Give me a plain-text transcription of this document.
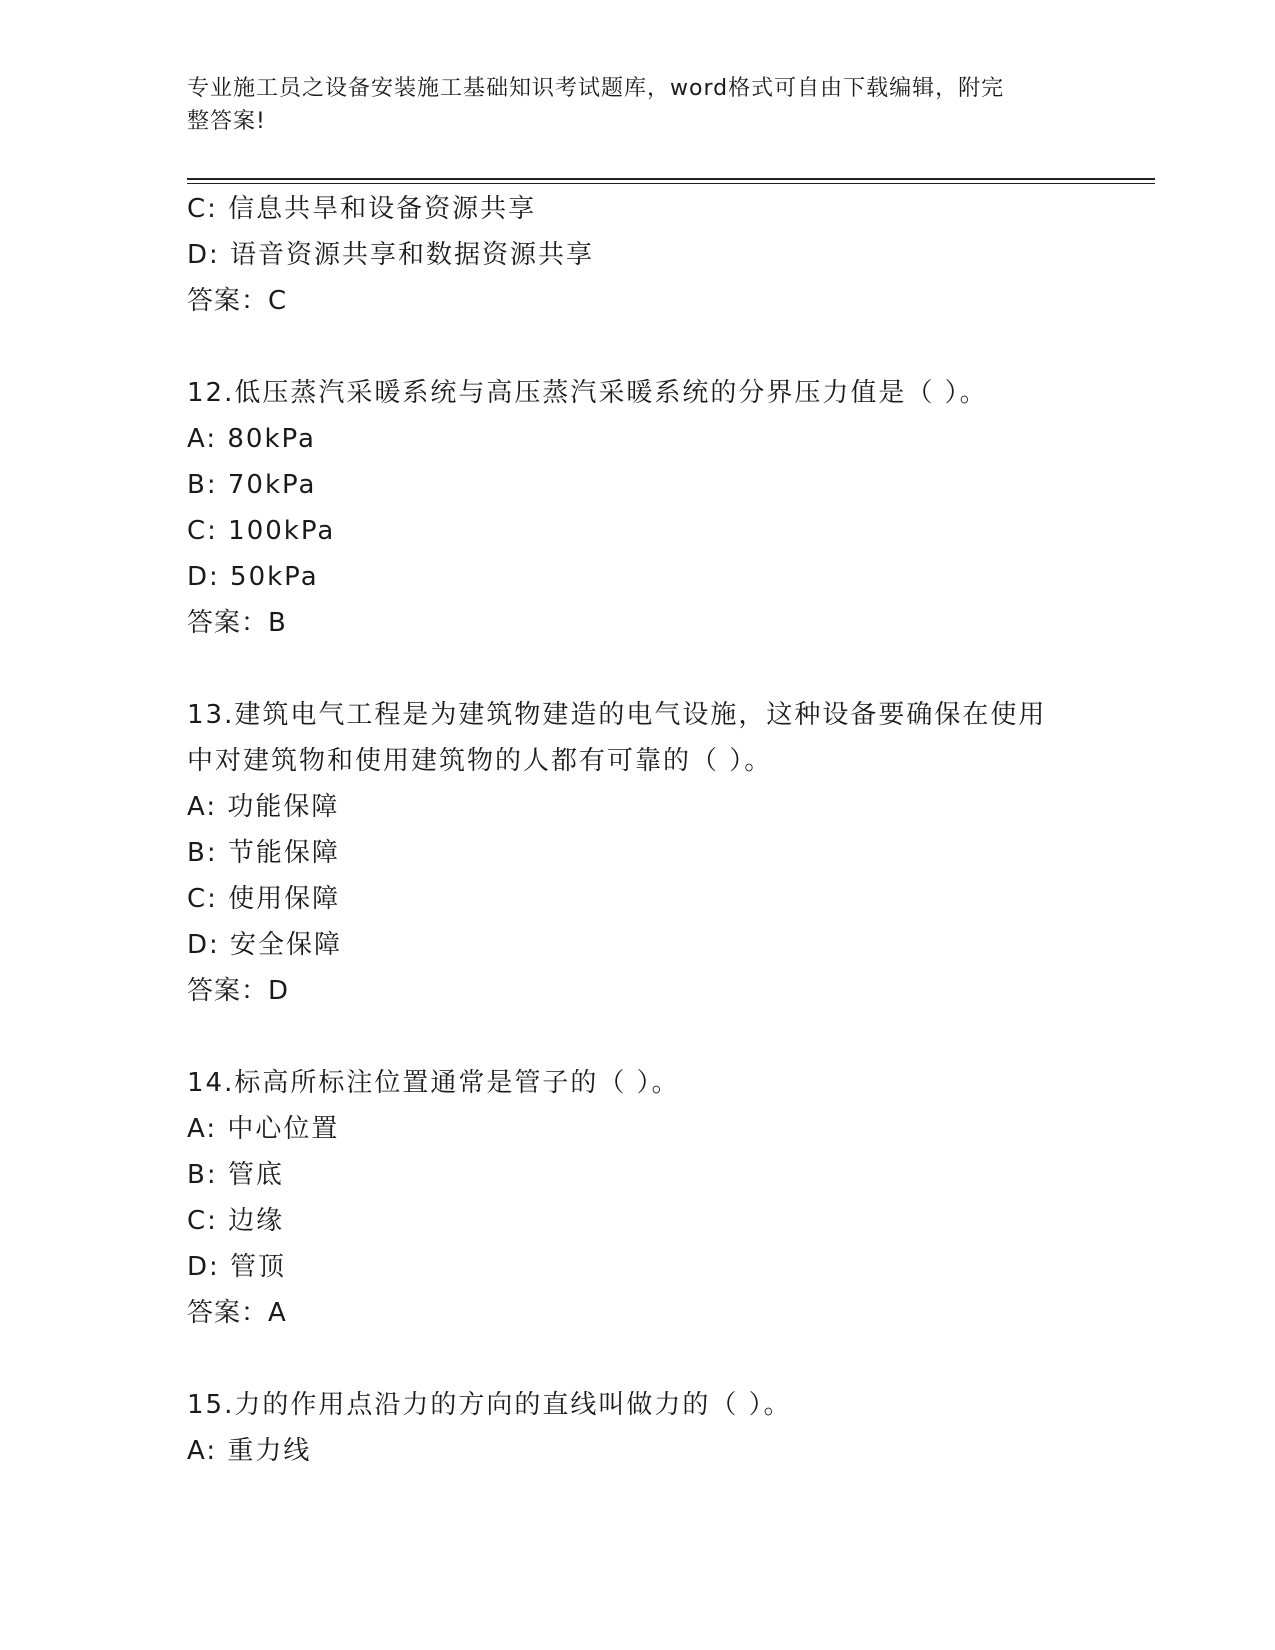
专业施工员之设备安装施工基础知识考试题库，word格式可自由下载编辑，附完
整答案!
C: 信息共旱和设备资源共享
D: 语音资源共享和数据资源共享
答案：C
12.低压蒸汽采暖系统与高压蒸汽采暖系统的分界压力值是（ ）。
A: 80kPa
B: 70kPa
C: 100kPa
D: 50kPa
答案：B
13.建筑电气工程是为建筑物建造的电气设施，这种设备要确保在使用
中对建筑物和使用建筑物的人都有可靠的（ ）。
A: 功能保障
B: 节能保障
C: 使用保障
D: 安全保障
答案：D
14.标高所标注位置通常是管子的（ ）。
A: 中心位置
B: 管底
C: 边缘
D: 管顶
答案：A
15.力的作用点沿力的方向的直线叫做力的（ ）。
A: 重力线
